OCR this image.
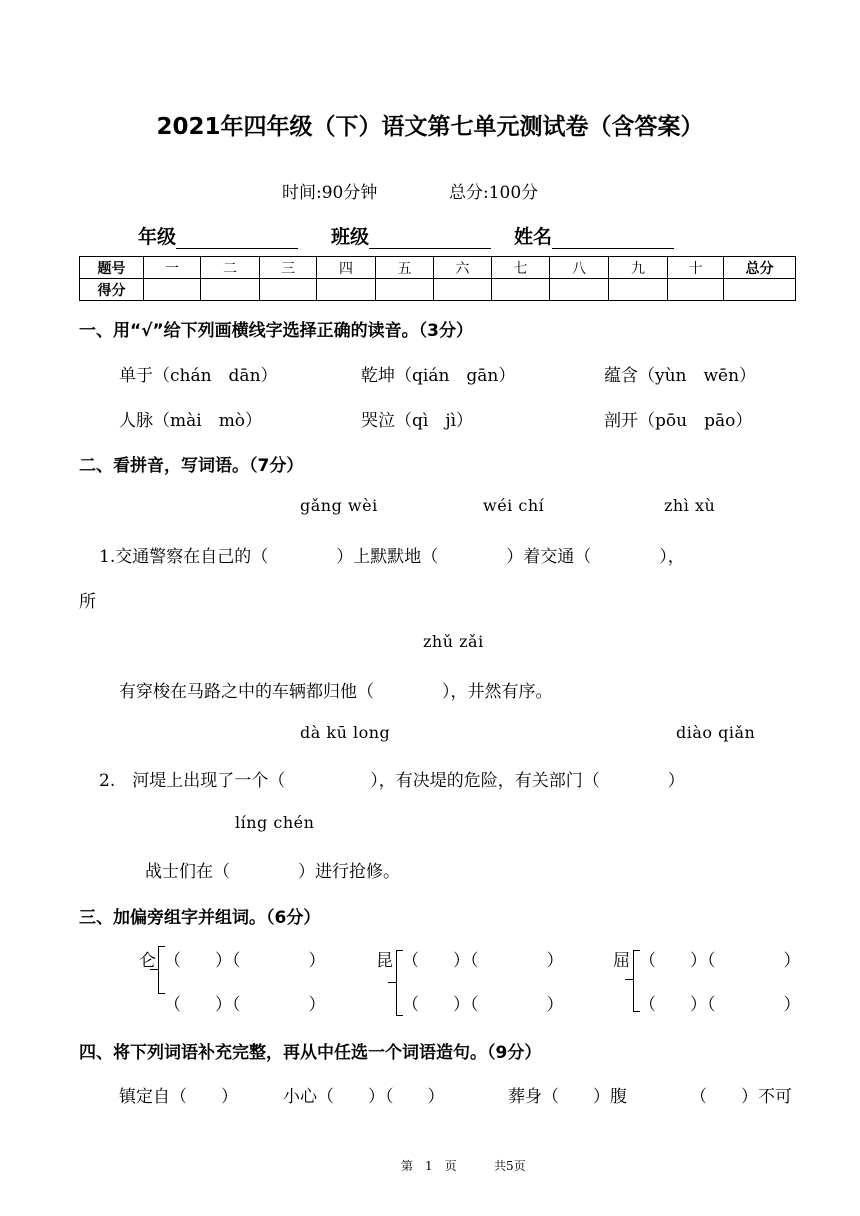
2021年四年级（下）语文第七单元测试卷（含答案）
时间:90分钟	总分:100分
年级	班级	姓名
题号	一	二	三	四	五	六	七	八	九	十	总分
得分											
一、用“√”给下列画横线字选择正确的读音。（3分）
单于（chán　dān）	乾坤（qián　gān）	蕴含（yùn　wēn）
人脉（mài　mò）	哭泣（qì　jì）	剖开（pōu　pāo）
二、看拼音，写词语。（7分）
gǎng wèi	wéi chí	zhì xù
1.交通警察在自己的（　　　　）上默默地（　　　　）着交通（　　　　），
所
zhǔ zǎi
有穿梭在马路之中的车辆都归他（　　　　），井然有序。
dà kū long	diào qiǎn
2.　河堤上出现了一个（　　　　　），有决堤的危险，有关部门（　　　　）
líng chén
战士们在（　　　　）进行抢修。
三、加偏旁组字并组词。（6分）
仑 （　　）（　　　　）
（　　）（　　　　）
昆 （　　）（　　　　）
（　　）（　　　　）
屈 （　　）（　　　　）
（　　）（　　　　）
四、将下列词语补充完整，再从中任选一个词语造句。（9分）
镇定自（　　）	小心（　　）（　　）	葬身（　　）腹	（　　）不可
第　1　页	共5页
